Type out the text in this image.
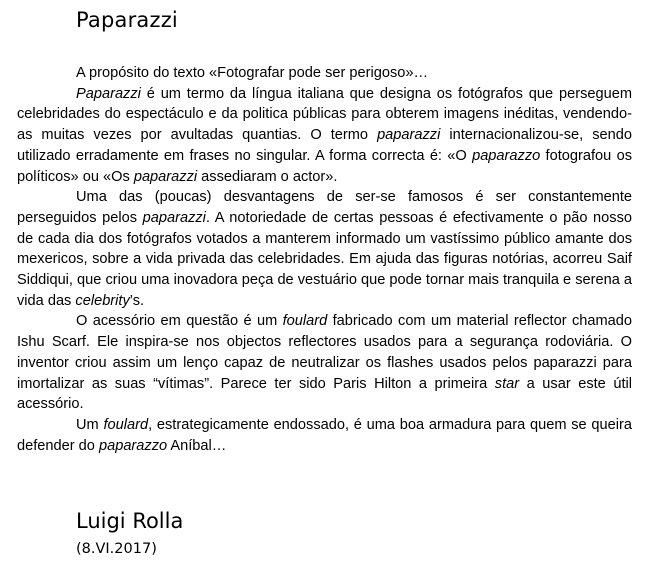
Paparazzi

A propósito do texto «Fotografar pode ser perigoso»…

Paparazzi é um termo da língua italiana que designa os fotógrafos que perseguem celebridades do espectáculo e da politica públicas para obterem imagens inéditas, vendendo-as muitas vezes por avultadas quantias. O termo paparazzi internacionalizou-se, sendo utilizado erradamente em frases no singular. A forma correcta é: «O paparazzo fotografou os políticos» ou «Os paparazzi assediaram o actor».

Uma das (poucas) desvantagens de ser-se famosos é ser constantemente perseguidos pelos paparazzi. A notoriedade de certas pessoas é efectivamente o pão nosso de cada dia dos fotógrafos votados a manterem informado um vastíssimo público amante dos mexericos, sobre a vida privada das celebridades. Em ajuda das figuras notórias, acorreu Saif Siddiqui, que criou uma inovadora peça de vestuário que pode tornar mais tranquila e serena a vida das celebrity’s.

O acessório em questão é um foulard fabricado com um material reflector chamado Ishu Scarf. Ele inspira-se nos objectos reflectores usados para a segurança rodoviária. O inventor criou assim um lenço capaz de neutralizar os flashes usados pelos paparazzi para imortalizar as suas “vítimas”. Parece ter sido Paris Hilton a primeira star a usar este útil acessório.

Um foulard, estrategicamente endossado, é uma boa armadura para quem se queira defender do paparazzo Aníbal…

Luigi Rolla
(8.VI.2017)
